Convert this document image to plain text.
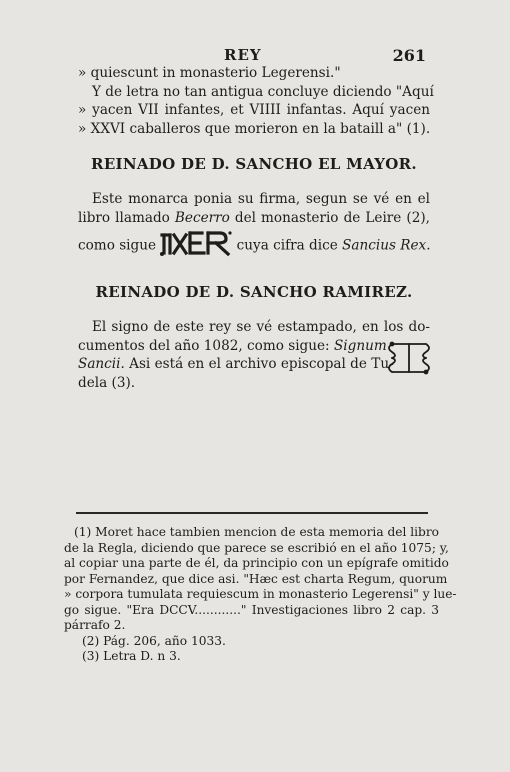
REY	261
» quiescunt in monasterio Legerensi."
Y de letra no tan antigua concluye diciendo "Aquí
» yacen VII infantes, et VIIII infantas. Aquí yacen
» XXVI caballeros que morieron en la bataill a" (1).
REINADO DE D. SANCHO EL MAYOR.
Este monarca ponia su firma, segun se vé en el
libro llamado Becerro del monasterio de Leire (2),
como sigue	cuya cifra dice Sancius Rex.
REINADO DE D. SANCHO RAMIREZ.
El signo de este rey se vé estampado, en los do-
cumentos del año 1082, como sigue: Signum
Sancii. Asi está en el archivo episcopal de Tu-
dela (3).
(1) Moret hace tambien mencion de esta memoria del libro
de la Regla, diciendo que parece se escribió en el año 1075; y,
al copiar una parte de él, da principio con un epígrafe omitido
por Fernandez, que dice asi. "Hæc est charta Regum, quorum
» corpora tumulata requiescum in monasterio Legerensi" y lue-
go sigue. "Era DCCV............" Investigaciones libro 2 cap. 3
párrafo 2.
(2) Pág. 206, año 1033.
(3) Letra D. n 3.
